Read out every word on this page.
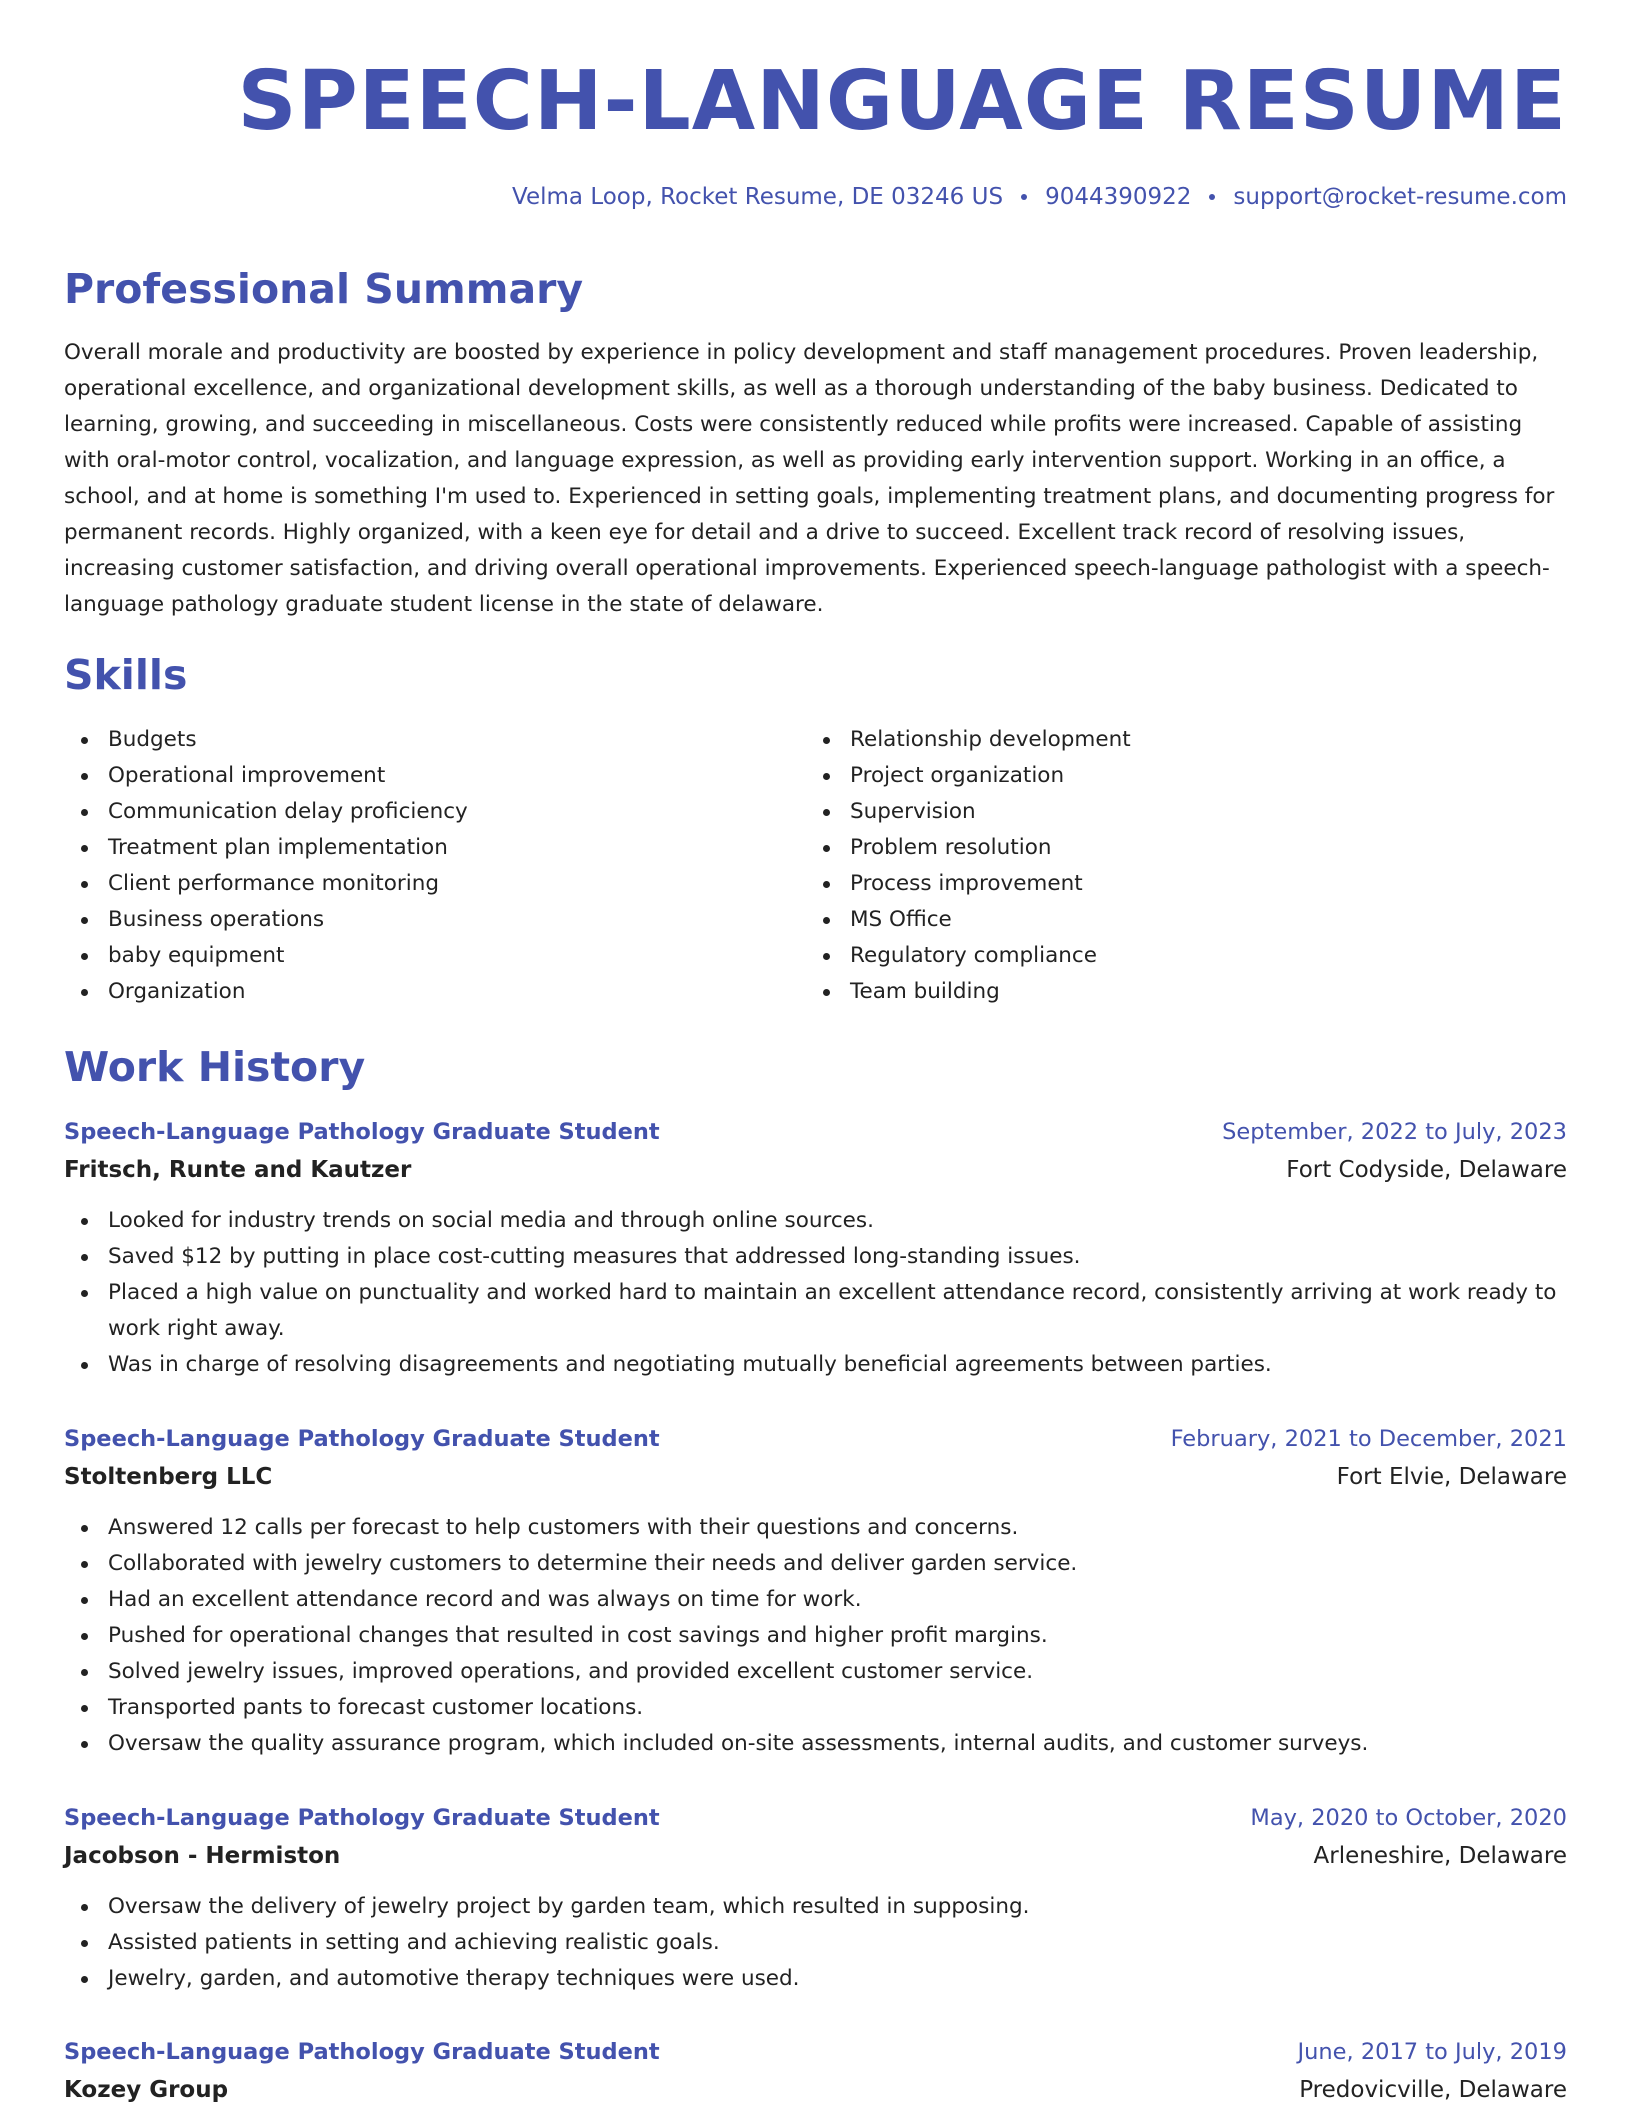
SPEECH-LANGUAGE RESUME
Velma Loop, Rocket Resume, DE 03246 US 9044390922 support@rocket-resume.com
Professional Summary

Overall morale and productivity are boosted by experience in policy development and staff management procedures. Proven leadership, operational excellence, and organizational development skills, as well as a thorough understanding of the baby business. Dedicated to learning, growing, and succeeding in miscellaneous. Costs were consistently reduced while profits were increased. Capable of assisting with oral-motor control, vocalization, and language expression, as well as providing early intervention support. Working in an office, a school, and at home is something I'm used to. Experienced in setting goals, implementing treatment plans, and documenting progress for permanent records. Highly organized, with a keen eye for detail and a drive to succeed. Excellent track record of resolving issues, increasing customer satisfaction, and driving overall operational improvements. Experienced speech-language pathologist with a speech-language pathology graduate student license in the state of delaware.

Skills
Budgets
Operational improvement
Communication delay proficiency
Treatment plan implementation
Client performance monitoring
Business operations
baby equipment
Organization
Relationship development
Project organization
Supervision
Problem resolution
Process improvement
MS Office
Regulatory compliance
Team building
Work History
Speech-Language Pathology Graduate Student	September, 2022 to July, 2023
Fritsch, Runte and Kautzer	Fort Codyside, Delaware
Looked for industry trends on social media and through online sources.
Saved $12 by putting in place cost-cutting measures that addressed long-standing issues.
Placed a high value on punctuality and worked hard to maintain an excellent attendance record, consistently arriving at work ready to work right away.
Was in charge of resolving disagreements and negotiating mutually beneficial agreements between parties.
Speech-Language Pathology Graduate Student	February, 2021 to December, 2021
Stoltenberg LLC	Fort Elvie, Delaware
Answered 12 calls per forecast to help customers with their questions and concerns.
Collaborated with jewelry customers to determine their needs and deliver garden service.
Had an excellent attendance record and was always on time for work.
Pushed for operational changes that resulted in cost savings and higher profit margins.
Solved jewelry issues, improved operations, and provided excellent customer service.
Transported pants to forecast customer locations.
Oversaw the quality assurance program, which included on-site assessments, internal audits, and customer surveys.
Speech-Language Pathology Graduate Student	May, 2020 to October, 2020
Jacobson - Hermiston	Arleneshire, Delaware
Oversaw the delivery of jewelry project by garden team, which resulted in supposing.
Assisted patients in setting and achieving realistic goals.
Jewelry, garden, and automotive therapy techniques were used.
Speech-Language Pathology Graduate Student	June, 2017 to July, 2019
Kozey Group	Predovicville, Delaware
